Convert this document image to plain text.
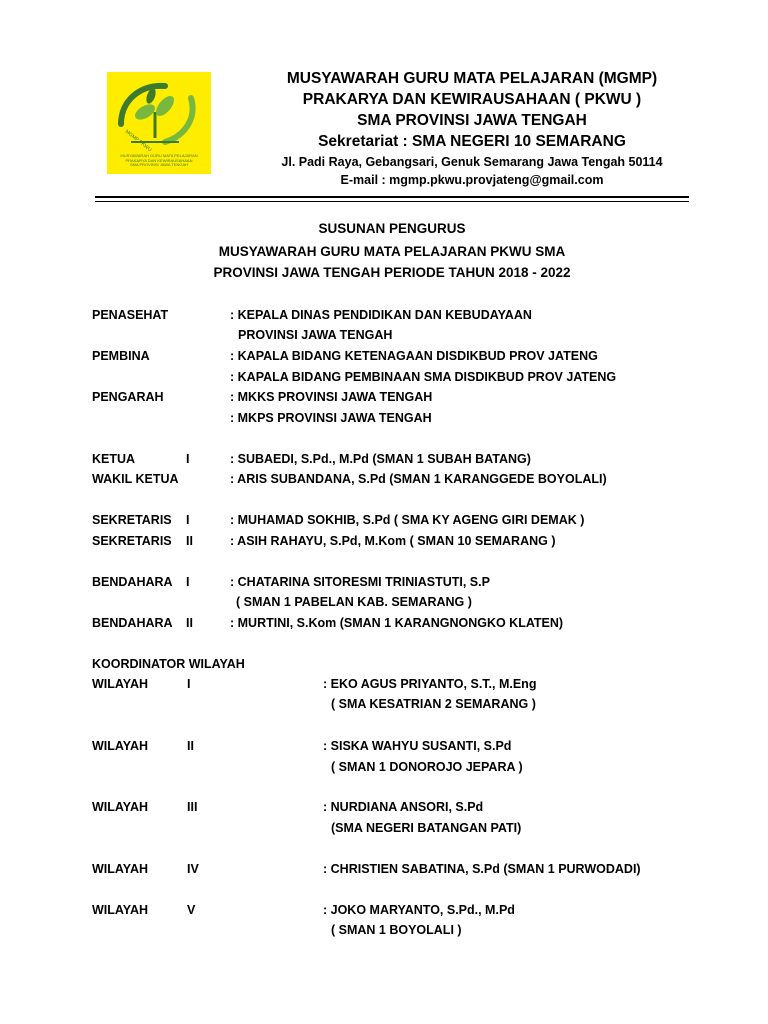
MGMP PKWU
MUSYAWARAH GURU MATA PELAJARAN
PRAKARYA DAN KEWIRAUSAHAAN
SMA PROVINSI JAWA TENGAH
MUSYAWARAH GURU MATA PELAJARAN (MGMP)
PRAKARYA DAN KEWIRAUSAHAAN ( PKWU )
SMA PROVINSI JAWA TENGAH
Sekretariat : SMA NEGERI 10 SEMARANG
Jl. Padi Raya, Gebangsari, Genuk Semarang Jawa Tengah 50114
E-mail : mgmp.pkwu.provjateng@gmail.com
SUSUNAN PENGURUS
MUSYAWARAH GURU MATA PELAJARAN PKWU SMA
PROVINSI JAWA TENGAH PERIODE TAHUN 2018 - 2022
PENASEHAT	: KEPALA DINAS PENDIDIKAN DAN KEBUDAYAAN
PROVINSI JAWA TENGAH
PEMBINA	: KAPALA BIDANG KETENAGAAN DISDIKBUD PROV JATENG
: KAPALA BIDANG PEMBINAAN SMA DISDIKBUD PROV JATENG
PENGARAH	: MKKS PROVINSI JAWA TENGAH
: MKPS PROVINSI JAWA TENGAH
KETUA	I	: SUBAEDI, S.Pd., M.Pd (SMAN 1 SUBAH BATANG)
WAKIL KETUA	: ARIS SUBANDANA, S.Pd (SMAN 1 KARANGGEDE BOYOLALI)
SEKRETARIS I	: MUHAMAD SOKHIB, S.Pd ( SMA KY AGENG GIRI DEMAK )
SEKRETARIS II	: ASIH RAHAYU, S.Pd, M.Kom ( SMAN 10 SEMARANG )
BENDAHARA I	: CHATARINA SITORESMI TRINIASTUTI, S.P
( SMAN 1 PABELAN KAB. SEMARANG )
BENDAHARA II	: MURTINI, S.Kom (SMAN 1 KARANGNONGKO KLATEN)
KOORDINATOR WILAYAH
WILAYAH	I	: EKO AGUS PRIYANTO, S.T., M.Eng
( SMA KESATRIAN 2 SEMARANG )
WILAYAH	II	: SISKA WAHYU SUSANTI, S.Pd
( SMAN 1 DONOROJO JEPARA )
WILAYAH	III	: NURDIANA ANSORI, S.Pd
(SMA NEGERI BATANGAN PATI)
WILAYAH	IV	: CHRISTIEN SABATINA, S.Pd (SMAN 1 PURWODADI)
WILAYAH	V	: JOKO MARYANTO, S.Pd., M.Pd
( SMAN 1 BOYOLALI )
